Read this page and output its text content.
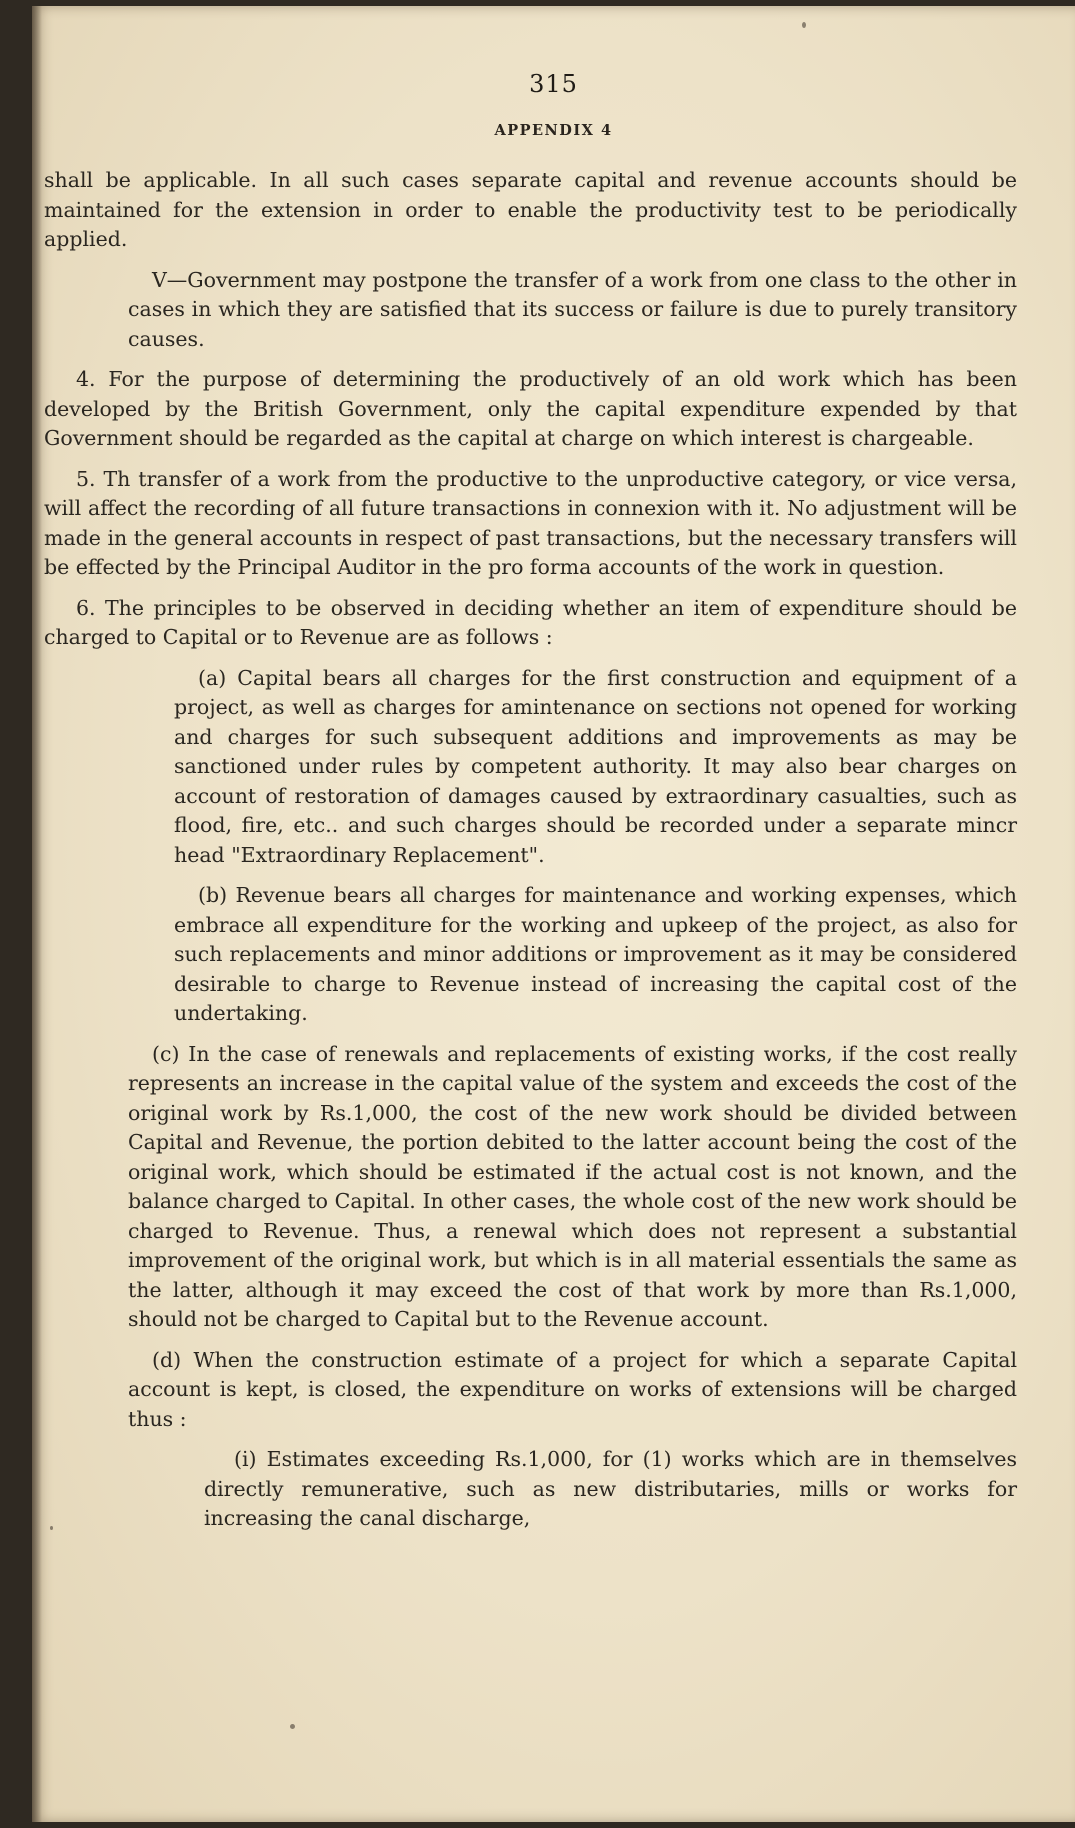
315
APPENDIX 4

shall be applicable. In all such cases separate capital and revenue accounts should be maintained for the extension in order to enable the productivity test to be periodically applied.

V—Government may postpone the transfer of a work from one class to the other in cases in which they are satisfied that its success or failure is due to purely transitory causes.

4. For the purpose of determining the productively of an old work which has been developed by the British Government, only the capital expenditure expended by that Government should be regarded as the capital at charge on which interest is chargeable.

5. Th transfer of a work from the productive to the unproductive category, or vice versa, will affect the recording of all future transactions in connexion with it. No adjustment will be made in the general accounts in respect of past transactions, but the necessary transfers will be effected by the Principal Auditor in the pro forma accounts of the work in question.

6. The principles to be observed in deciding whether an item of expenditure should be charged to Capital or to Revenue are as follows :

(a) Capital bears all charges for the first construction and equipment of a project, as well as charges for amintenance on sections not opened for working and charges for such subsequent additions and improvements as may be sanctioned under rules by competent authority. It may also bear charges on account of restoration of damages caused by extraordinary casualties, such as flood, fire, etc.. and such charges should be recorded under a separate mincr head "Extraordinary Replacement".

(b) Revenue bears all charges for maintenance and working expenses, which embrace all expenditure for the working and upkeep of the project, as also for such replacements and minor additions or improvement as it may be considered desirable to charge to Revenue instead of increasing the capital cost of the undertaking.

(c) In the case of renewals and replacements of existing works, if the cost really represents an increase in the capital value of the system and exceeds the cost of the original work by Rs.1,000, the cost of the new work should be divided between Capital and Revenue, the portion debited to the latter account being the cost of the original work, which should be estimated if the actual cost is not known, and the balance charged to Capital. In other cases, the whole cost of the new work should be charged to Revenue. Thus, a renewal which does not represent a substantial improvement of the original work, but which is in all material essentials the same as the latter, although it may exceed the cost of that work by more than Rs.1,000, should not be charged to Capital but to the Revenue account.

(d) When the construction estimate of a project for which a separate Capital account is kept, is closed, the expenditure on works of extensions will be charged thus :

(i) Estimates exceeding Rs.1,000, for (1) works which are in themselves directly remunerative, such as new distributaries, mills or works for increasing the canal discharge,
